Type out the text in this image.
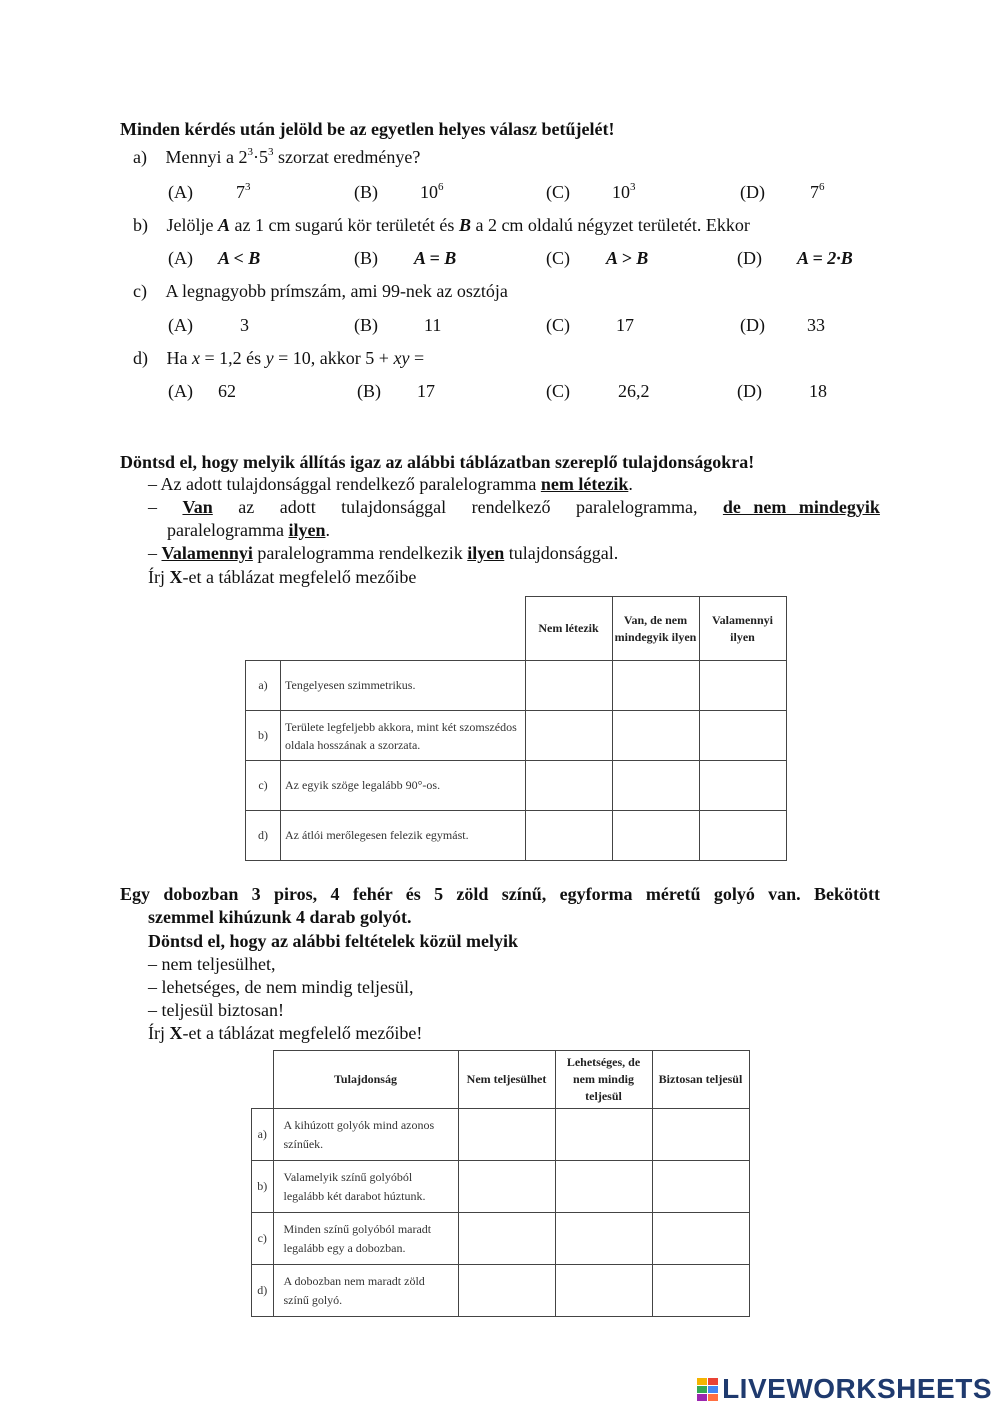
Minden kérdés után jelöld be az egyetlen helyes válasz betűjelét!
a) Mennyi a $2^3\cdot 5^3$ szorzat eredménye?
(A) $7^3$	(B) $10^6$	(C) $10^3$	(D)	$7^6$
b) Jelölje A az 1 cm sugarú kör területét és B a 2 cm oldalú négyzet területét. Ekkor
(A) A < B	(B) A = B	(C) A > B	(D) A = 2·B
c) A legnagyobb prímszám, ami 99-nek az osztója
(A)	3	(B)	11	(C)	17	(D) 33
d) Ha x = 1,2 és y = 10, akkor 5 + xy =
(A) 62	(B) 17	(C)	26,2	(D)	18
Döntsd el, hogy melyik állítás igaz az alábbi táblázatban szereplő tulajdonságokra!
– Az adott tulajdonsággal rendelkező paralelogramma nem létezik.
– Van az adott tulajdonsággal rendelkező paralelogramma, de nem mindegyik
paralelogramma ilyen.
– Valamennyi paralelogramma rendelkezik ilyen tulajdonsággal.
Írj X-et a táblázat megfelelő mezőibe
		Nem létezik	Van, de nem mindegyik ilyen	Valamennyi ilyen
a)	Tengelyesen szimmetrikus.			
b)	Területe legfeljebb akkora, mint két szomszédos oldala hosszának a szorzata.			
c)	Az egyik szöge legalább 90°-os.			
d)	Az átlói merőlegesen felezik egymást.			
Egy dobozban 3 piros, 4 fehér és 5 zöld színű, egyforma méretű golyó van. Bekötött
szemmel kihúzunk 4 darab golyót.
Döntsd el, hogy az alábbi feltételek közül melyik
– nem teljesülhet,
– lehetséges, de nem mindig teljesül,
– teljesül biztosan!
Írj X-et a táblázat megfelelő mezőibe!
	Tulajdonság	Nem teljesülhet	Lehetséges, de nem mindig teljesül	Biztosan teljesül
a)	A kihúzott golyók mind azonos színűek.			
b)	Valamelyik színű golyóból legalább két darabot húztunk.			
c)	Minden színű golyóból maradt legalább egy a dobozban.			
d)	A dobozban nem maradt zöld színű golyó.			
LIVEWORKSHEETS
